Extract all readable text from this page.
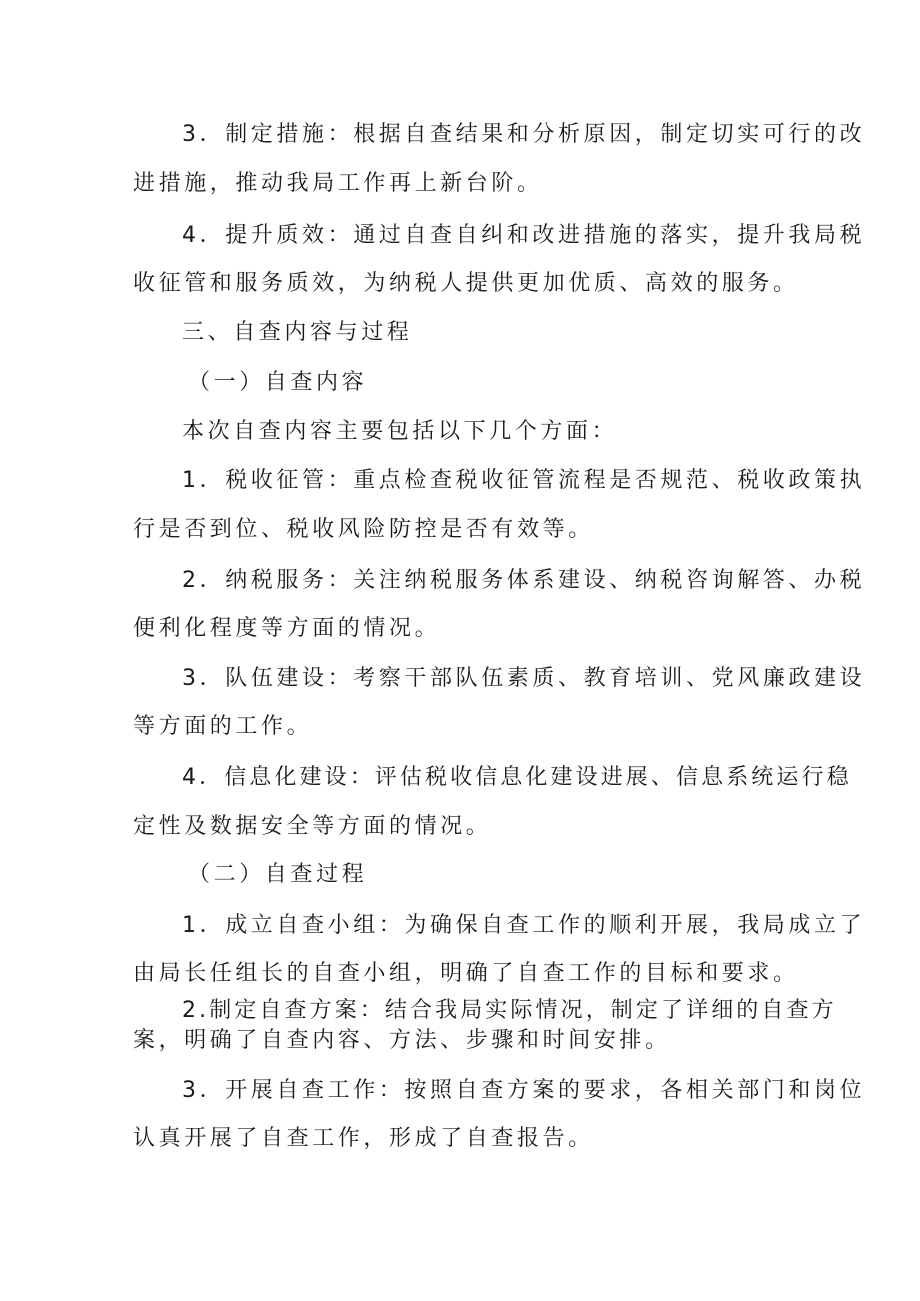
3．制定措施：根据自查结果和分析原因，制定切实可行的改
进措施，推动我局工作再上新台阶。
4．提升质效：通过自查自纠和改进措施的落实，提升我局税
收征管和服务质效，为纳税人提供更加优质、高效的服务。
三、自查内容与过程
（一）自查内容
本次自查内容主要包括以下几个方面：
1．税收征管：重点检查税收征管流程是否规范、税收政策执
行是否到位、税收风险防控是否有效等。
2．纳税服务：关注纳税服务体系建设、纳税咨询解答、办税
便利化程度等方面的情况。
3．队伍建设：考察干部队伍素质、教育培训、党风廉政建设
等方面的工作。
4．信息化建设：评估税收信息化建设进展、信息系统运行稳
定性及数据安全等方面的情况。
（二）自查过程
1．成立自查小组：为确保自查工作的顺利开展，我局成立了
由局长任组长的自查小组，明确了自查工作的目标和要求。
2.制定自查方案：结合我局实际情况，制定了详细的自查方
案，明确了自查内容、方法、步骤和时间安排。
3．开展自查工作：按照自查方案的要求，各相关部门和岗位
认真开展了自查工作，形成了自查报告。
